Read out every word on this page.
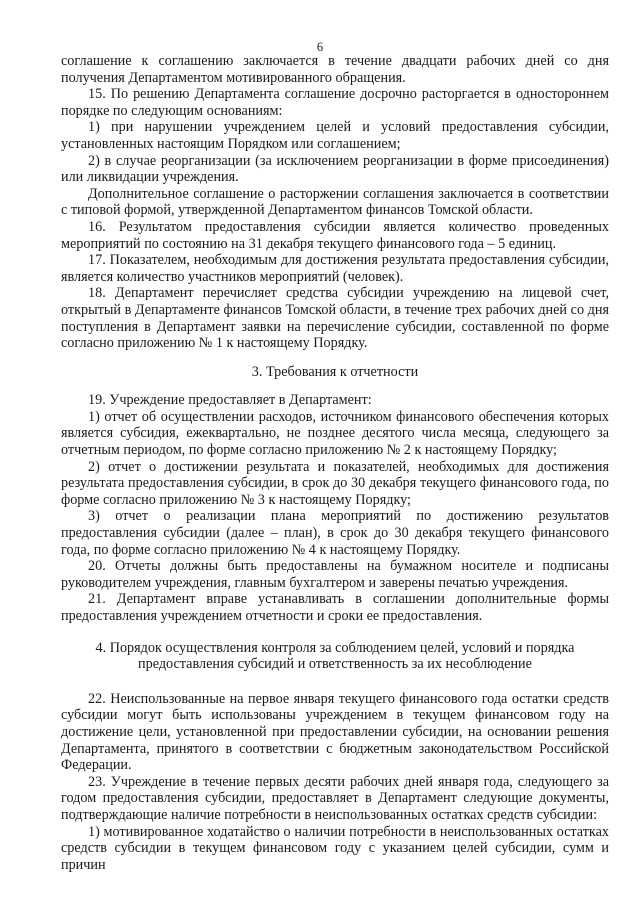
6

соглашение к соглашению заключается в течение двадцати рабочих дней со дня получения Департаментом мотивированного обращения.

15. По решению Департамента соглашение досрочно расторгается в одностороннем порядке по следующим основаниям:

1) при нарушении учреждением целей и условий предоставления субсидии, установленных настоящим Порядком или соглашением;

2) в случае реорганизации (за исключением реорганизации в форме присоединения) или ликвидации учреждения.

Дополнительное соглашение о расторжении соглашения заключается в соответствии с типовой формой, утвержденной Департаментом финансов Томской области.

16. Результатом предоставления субсидии является количество проведенных мероприятий по состоянию на 31 декабря текущего финансового года – 5 единиц.

17. Показателем, необходимым для достижения результата предоставления субсидии, является количество участников мероприятий (человек).

18. Департамент перечисляет средства субсидии учреждению на лицевой счет, открытый в Департаменте финансов Томской области, в течение трех рабочих дней со дня поступления в Департамент заявки на перечисление субсидии, составленной по форме согласно приложению № 1 к настоящему Порядку.

3. Требования к отчетности

19. Учреждение предоставляет в Департамент:

1) отчет об осуществлении расходов, источником финансового обеспечения которых является субсидия, ежеквартально, не позднее десятого числа месяца, следующего за отчетным периодом, по форме согласно приложению № 2 к настоящему Порядку;

2) отчет о достижении результата и показателей, необходимых для достижения результата предоставления субсидии, в срок до 30 декабря текущего финансового года, по форме согласно приложению № 3 к настоящему Порядку;

3) отчет о реализации плана мероприятий по достижению результатов предоставления субсидии (далее – план), в срок до 30 декабря текущего финансового года, по форме согласно приложению № 4 к настоящему Порядку.

20. Отчеты должны быть предоставлены на бумажном носителе и подписаны руководителем учреждения, главным бухгалтером и заверены печатью учреждения.

21. Департамент вправе устанавливать в соглашении дополнительные формы предоставления учреждением отчетности и сроки ее предоставления.

4. Порядок осуществления контроля за соблюдением целей, условий и порядка предоставления субсидий и ответственность за их несоблюдение

22. Неиспользованные на первое января текущего финансового года остатки средств субсидии могут быть использованы учреждением в текущем финансовом году на достижение цели, установленной при предоставлении субсидии, на основании решения Департамента, принятого в соответствии с бюджетным законодательством Российской Федерации.

23. Учреждение в течение первых десяти рабочих дней января года, следующего за годом предоставления субсидии, предоставляет в Департамент следующие документы, подтверждающие наличие потребности в неиспользованных остатках средств субсидии:

1) мотивированное ходатайство о наличии потребности в неиспользованных остатках средств субсидии в текущем финансовом году с указанием целей субсидии, сумм и причин
